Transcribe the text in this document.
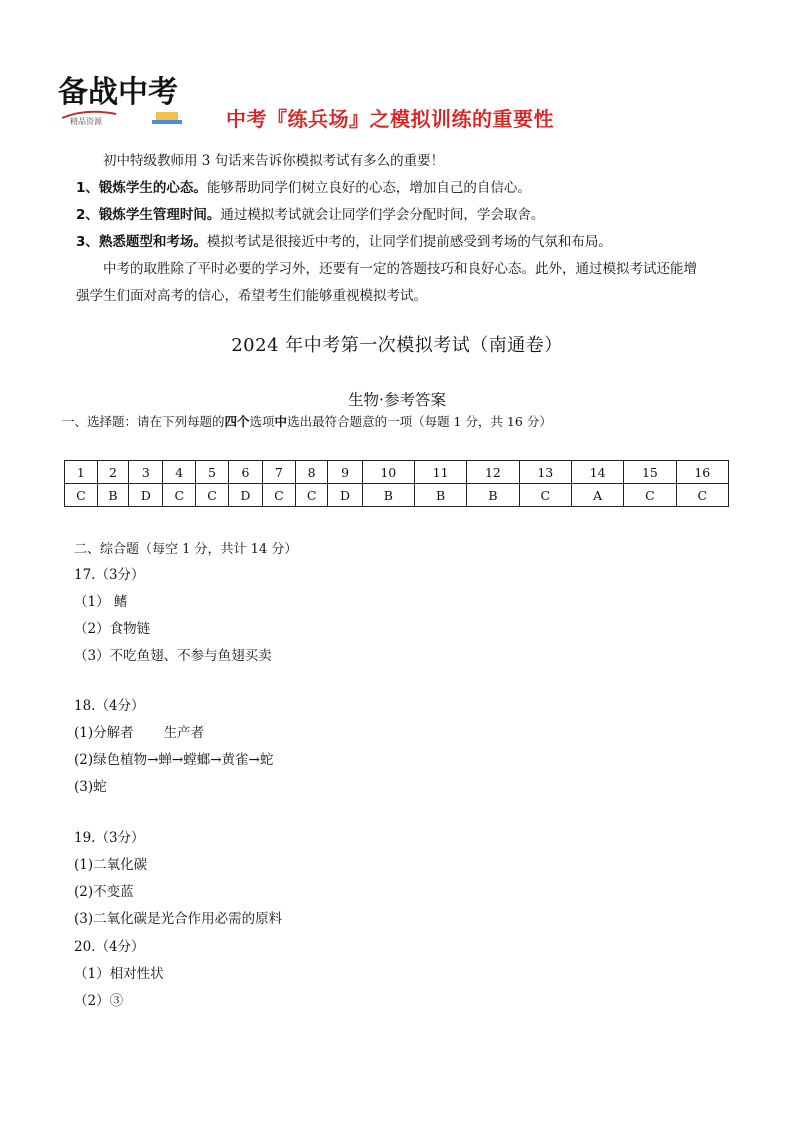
备战中考
精品资源	中考『练兵场』之模拟训练的重要性

初中特级教师用 3 句话来告诉你模拟考试有多么的重要！

1、锻炼学生的心态。能够帮助同学们树立良好的心态，增加自己的自信心。

2、锻炼学生管理时间。通过模拟考试就会让同学们学会分配时间，学会取舍。

3、熟悉题型和考场。模拟考试是很接近中考的，让同学们提前感受到考场的气氛和布局。

中考的取胜除了平时必要的学习外，还要有一定的答题技巧和良好心态。此外，通过模拟考试还能增

强学生们面对高考的信心，希望考生们能够重视模拟考试。

2024 年中考第一次模拟考试（南通卷）
生物·参考答案
一、选择题：请在下列每题的四个选项中选出最符合题意的一项（每题 1 分，共 16 分）
1	2	3	4	5	6	7	8	9	10	11	12	13	14	15	16
C	B	D	C	C	D	C	C	D	B	B	B	C	A	C	C
二、综合题（每空 1 分，共计 14 分）

17.（3分）

（1） 鳍

（2）食物链

（3）不吃鱼翅、不参与鱼翅买卖

18.（4分）

(1)分解者 生产者

(2)绿色植物→蝉→螳螂→黄雀→蛇

(3)蛇

19.（3分）

(1)二氧化碳

(2)不变蓝

(3)二氧化碳是光合作用必需的原料

20.（4分）

（1）相对性状

（2）③
